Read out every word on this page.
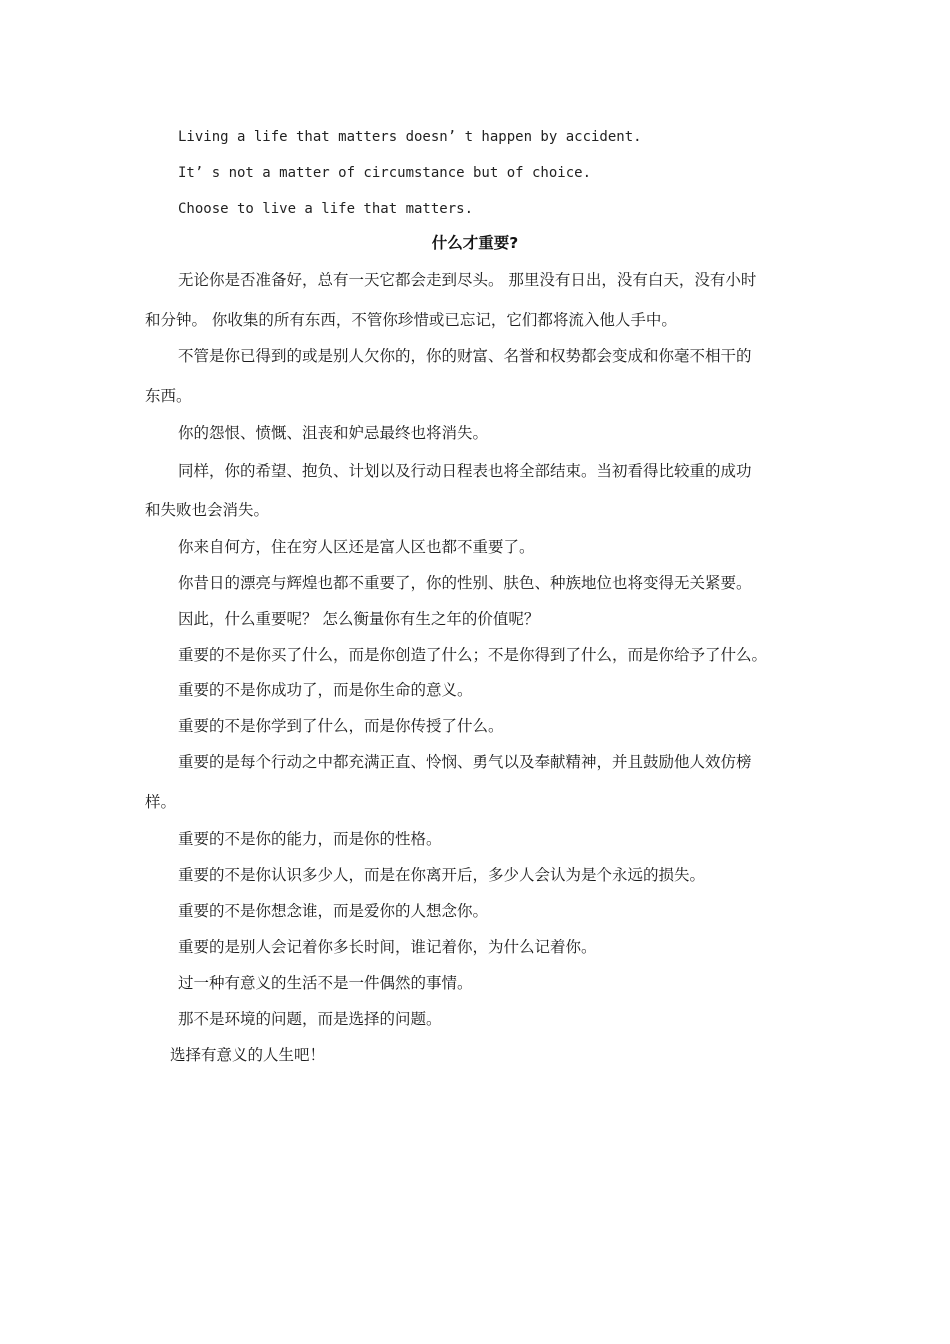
Living a life that matters doesn’ t happen by accident.
It’ s not a matter of circumstance but of choice.
Choose to live a life that matters.
什么才重要?
无论你是否准备好，总有一天它都会走到尽头。 那里没有日出，没有白天，没有小时
和分钟。 你收集的所有东西，不管你珍惜或已忘记，它们都将流入他人手中。
不管是你已得到的或是别人欠你的，你的财富、名誉和权势都会变成和你毫不相干的
东西。
你的怨恨、愤慨、沮丧和妒忌最终也将消失。
同样，你的希望、抱负、计划以及行动日程表也将全部结束。当初看得比较重的成功
和失败也会消失。
你来自何方，住在穷人区还是富人区也都不重要了。
你昔日的漂亮与辉煌也都不重要了，你的性别、肤色、种族地位也将变得无关紧要。
因此，什么重要呢？ 怎么衡量你有生之年的价值呢？
重要的不是你买了什么，而是你创造了什么；不是你得到了什么，而是你给予了什么。
重要的不是你成功了，而是你生命的意义。
重要的不是你学到了什么，而是你传授了什么。
重要的是每个行动之中都充满正直、怜悯、勇气以及奉献精神，并且鼓励他人效仿榜
样。
重要的不是你的能力，而是你的性格。
重要的不是你认识多少人，而是在你离开后，多少人会认为是个永远的损失。
重要的不是你想念谁，而是爱你的人想念你。
重要的是别人会记着你多长时间，谁记着你，为什么记着你。
过一种有意义的生活不是一件偶然的事情。
那不是环境的问题，而是选择的问题。
选择有意义的人生吧！
